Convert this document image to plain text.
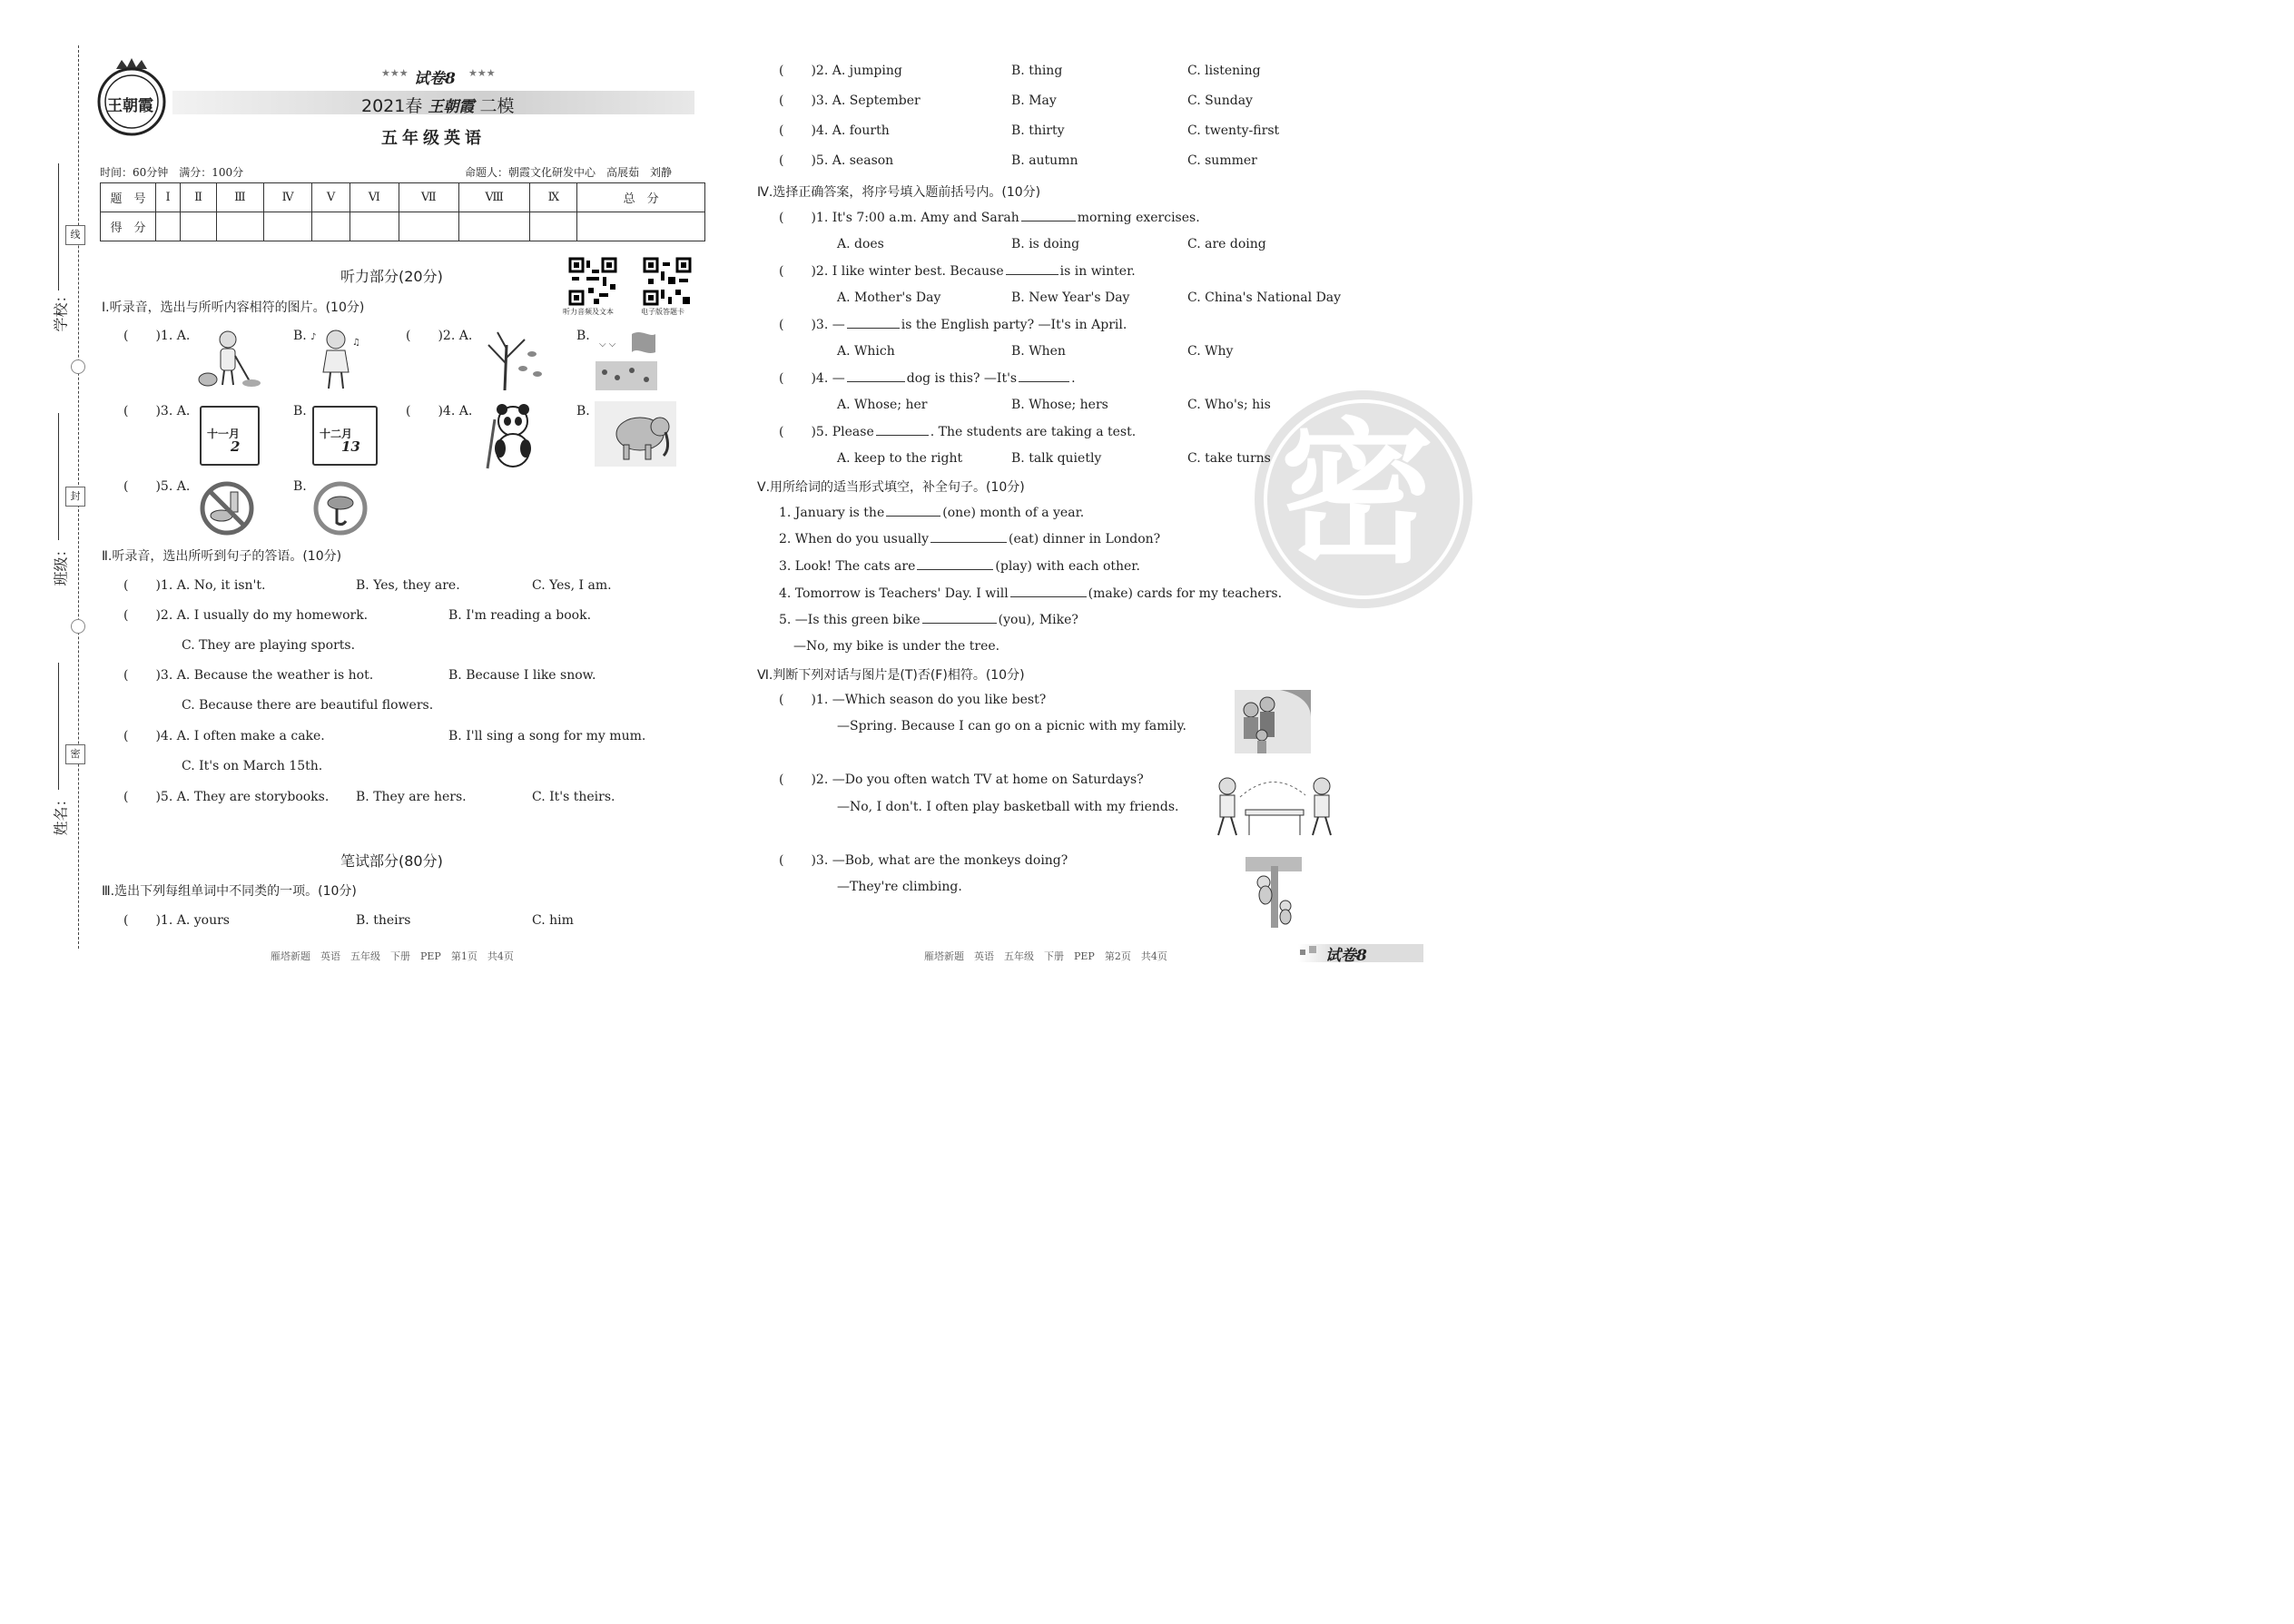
线
封
密
学校：
班级：
姓名：
王朝霞
★★★ 试卷8 ★★★
2021春 王朝霞 二模
五年级英语
时间：60分钟　满分：100分	命题人：朝霞文化研发中心　高展茹　刘静
题　号	Ⅰ	Ⅱ	Ⅲ	Ⅳ	Ⅴ	Ⅵ	Ⅶ	Ⅷ	Ⅸ	总　分
得　分										
听力部分(20分)
听力音频及文本	电子版答题卡
Ⅰ.听录音，选出与所听内容相符的图片。(10分)
( )1. A.	B. ♪
♫	( )2. A.	B.
⌵ ⌵
( )3. A.
十一月
2
B.
十二月
13
( )4. A.	B.
( )5. A.	B.
Ⅱ.听录音，选出所听到句子的答语。(10分)
( )1. A. No, it isn't.	B. Yes, they are.	C. Yes, I am.
( )2. A. I usually do my homework.	B. I'm reading a book.
C. They are playing sports.
( )3. A. Because the weather is hot.	B. Because I like snow.
C. Because there are beautiful flowers.
( )4. A. I often make a cake.	B. I'll sing a song for my mum.
C. It's on March 15th.
( )5. A. They are storybooks. B. They are hers.	C. It's theirs.
笔试部分(80分)
Ⅲ.选出下列每组单词中不同类的一项。(10分)
( )1. A. yours	B. theirs	C. him
雁塔新题　英语　五年级　下册　PEP　第1页　共4页
( )2. A. jumping	B. thing	C. listening
( )3. A. September	B. May	C. Sunday
( )4. A. fourth	B. thirty	C. twenty-first
( )5. A. season	B. autumn	C. summer
密
Ⅳ.选择正确答案，将序号填入题前括号内。(10分)
( )1. It's 7:00 a.m. Amy and Sarah	morning exercises.
A. does	B. is doing	C. are doing
( )2. I like winter best. Because	is in winter.
A. Mother's Day	B. New Year's Day	C. China's National Day
( )3. —	is the English party? —It's in April.
A. Which	B. When	C. Why
( )4. —	dog is this? —It's	.
A. Whose; her	B. Whose; hers	C. Who's; his
( )5. Please	. The students are taking a test.
A. keep to the right	B. talk quietly	C. take turns
Ⅴ.用所给词的适当形式填空，补全句子。(10分)
1. January is the	(one) month of a year.
2. When do you usually	(eat) dinner in London?
3. Look! The cats are	(play) with each other.
4. Tomorrow is Teachers' Day. I will	(make) cards for my teachers.
5. —Is this green bike	(you), Mike?
—No, my bike is under the tree.
Ⅵ.判断下列对话与图片是(T)否(F)相符。(10分)
( )1. —Which season do you like best?
—Spring. Because I can go on a picnic with my family.
( )2. —Do you often watch TV at home on Saturdays?
—No, I don't. I often play basketball with my friends.
( )3. —Bob, what are the monkeys doing?
—They're climbing.
雁塔新题　英语　五年级　下册　PEP　第2页　共4页	试卷8
